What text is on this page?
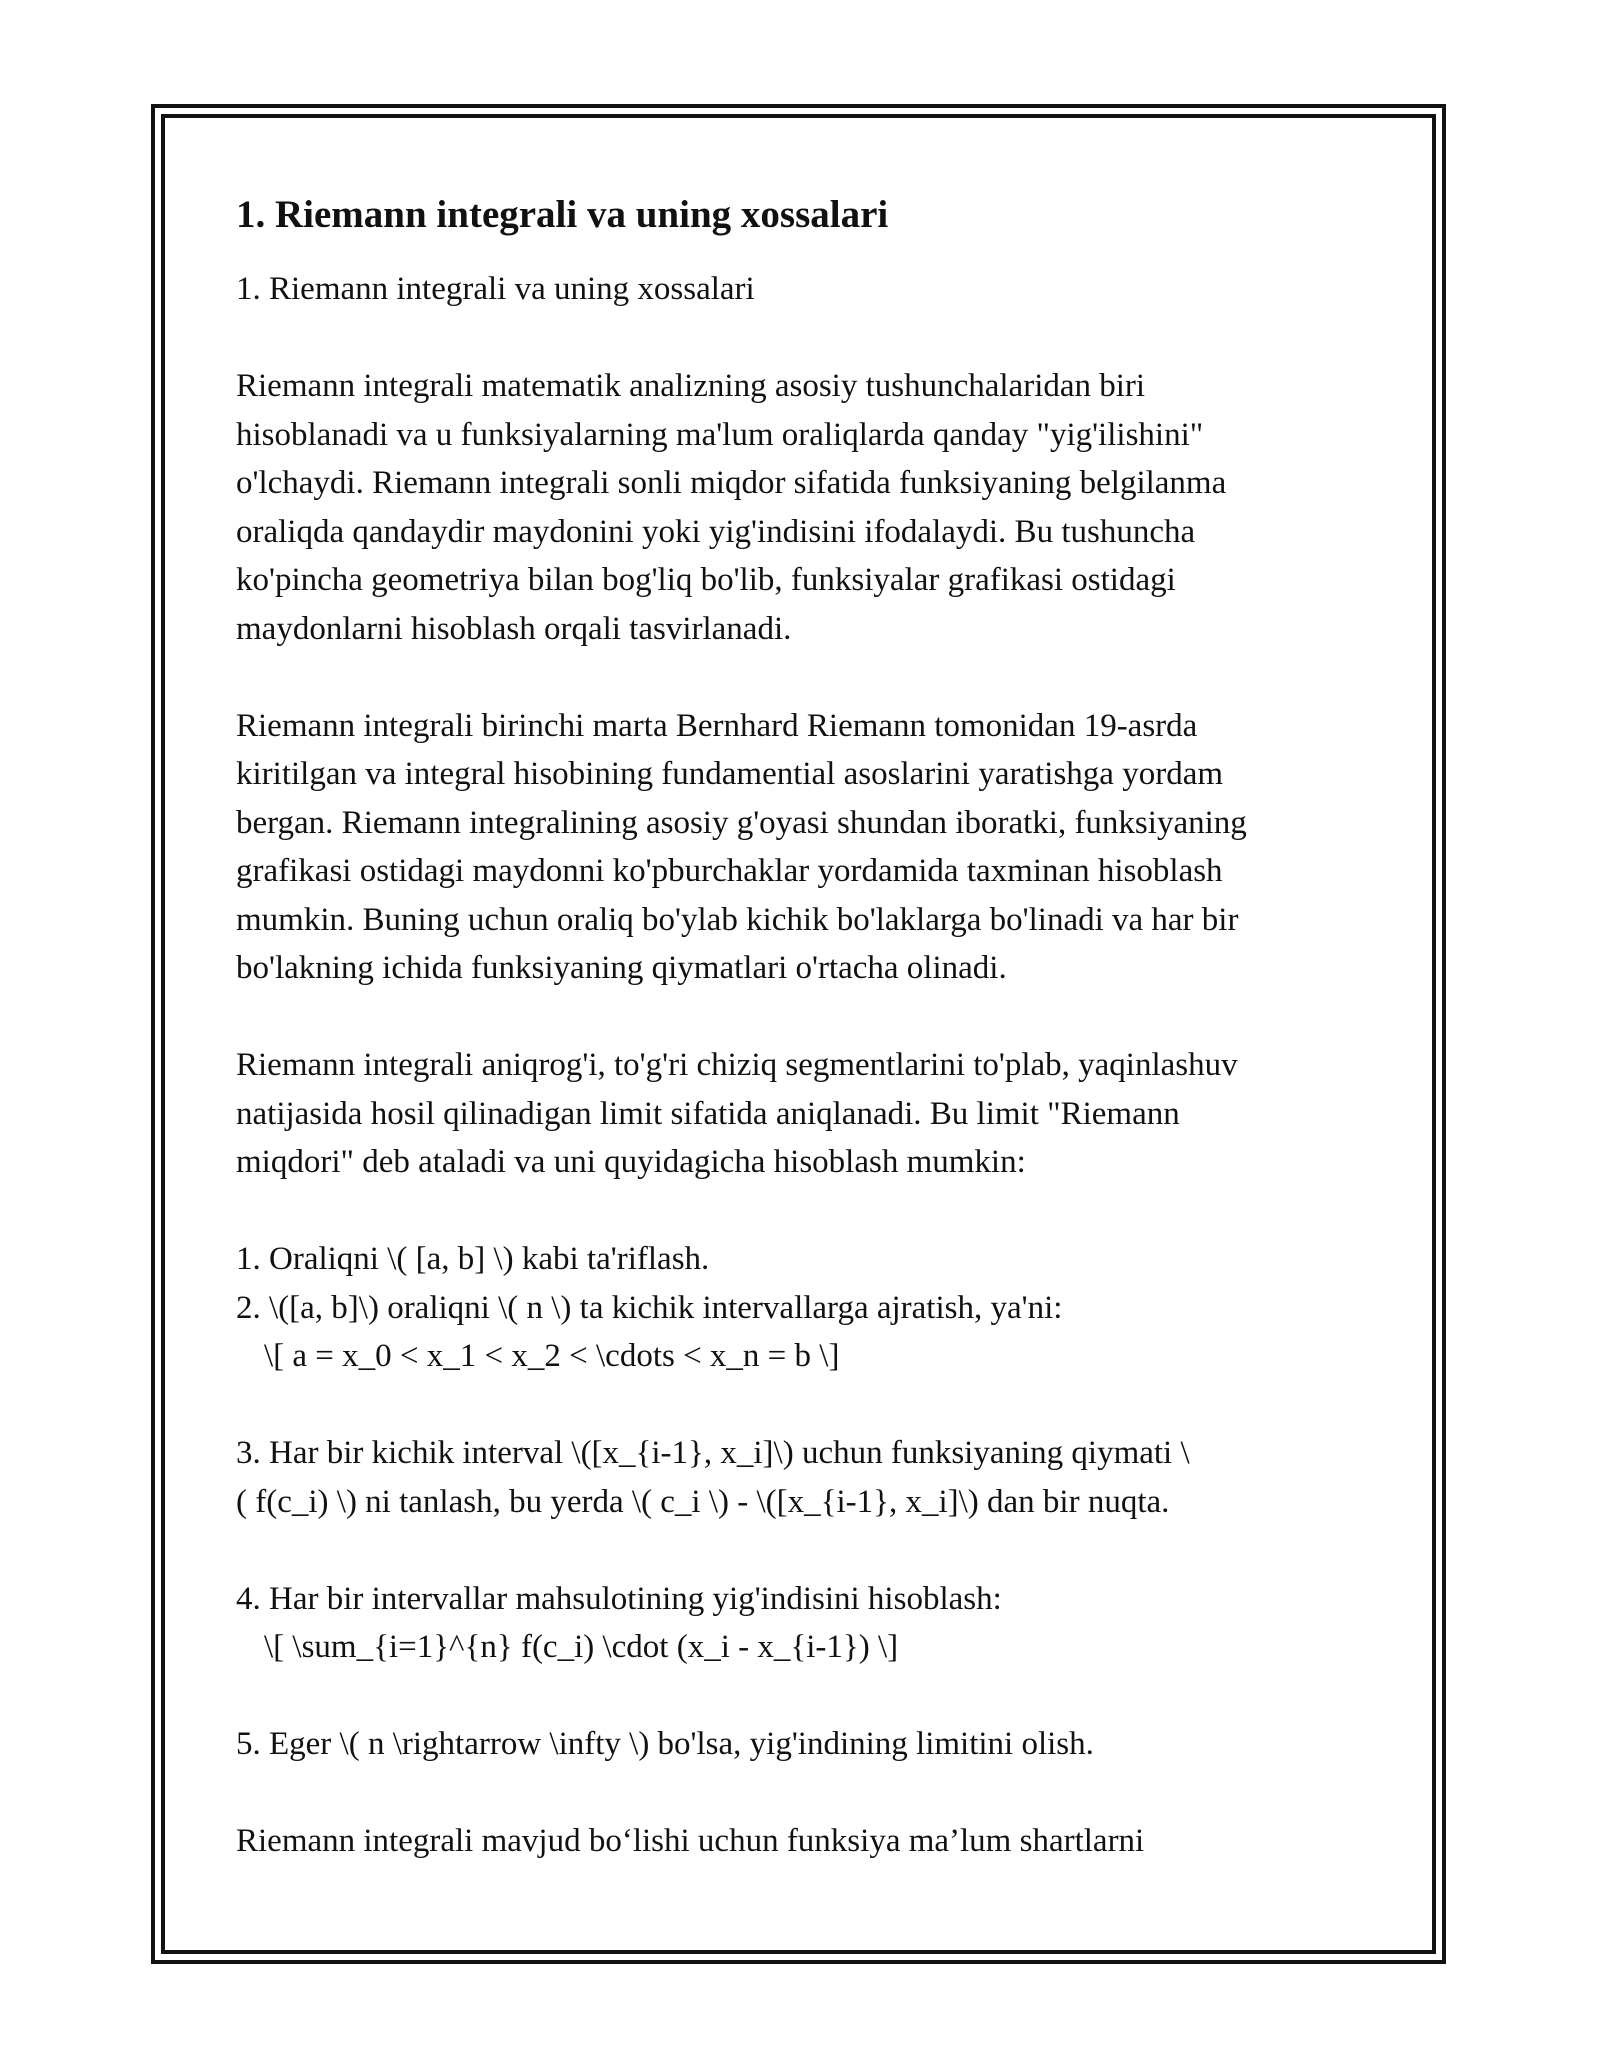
1. Riemann integrali va uning xossalari

1. Riemann integrali va uning xossalari

Riemann integrali matematik analizning asosiy tushunchalaridan biri

hisoblanadi va u funksiyalarning ma'lum oraliqlarda qanday "yig'ilishini"

o'lchaydi. Riemann integrali sonli miqdor sifatida funksiyaning belgilanma

oraliqda qandaydir maydonini yoki yig'indisini ifodalaydi. Bu tushuncha

ko'pincha geometriya bilan bog'liq bo'lib, funksiyalar grafikasi ostidagi

maydonlarni hisoblash orqali tasvirlanadi.

Riemann integrali birinchi marta Bernhard Riemann tomonidan 19-asrda

kiritilgan va integral hisobining fundamential asoslarini yaratishga yordam

bergan. Riemann integralining asosiy g'oyasi shundan iboratki, funksiyaning

grafikasi ostidagi maydonni ko'pburchaklar yordamida taxminan hisoblash

mumkin. Buning uchun oraliq bo'ylab kichik bo'laklarga bo'linadi va har bir

bo'lakning ichida funksiyaning qiymatlari o'rtacha olinadi.

Riemann integrali aniqrog'i, to'g'ri chiziq segmentlarini to'plab, yaqinlashuv

natijasida hosil qilinadigan limit sifatida aniqlanadi. Bu limit "Riemann

miqdori" deb ataladi va uni quyidagicha hisoblash mumkin:

1. Oraliqni \( [a, b] \) kabi ta'riflash.

2. \([a, b]\) oraliqni \( n \) ta kichik intervallarga ajratish, ya'ni:

\[ a = x_0 < x_1 < x_2 < \cdots < x_n = b \]

3. Har bir kichik interval \([x_{i-1}, x_i]\) uchun funksiyaning qiymati \

( f(c_i) \) ni tanlash, bu yerda \( c_i \) - \([x_{i-1}, x_i]\) dan bir nuqta.

4. Har bir intervallar mahsulotining yig'indisini hisoblash:

\[ \sum_{i=1}^{n} f(c_i) \cdot (x_i - x_{i-1}) \]

5. Eger \( n \rightarrow \infty \) bo'lsa, yig'indining limitini olish.

Riemann integrali mavjud bo‘lishi uchun funksiya ma’lum shartlarni
